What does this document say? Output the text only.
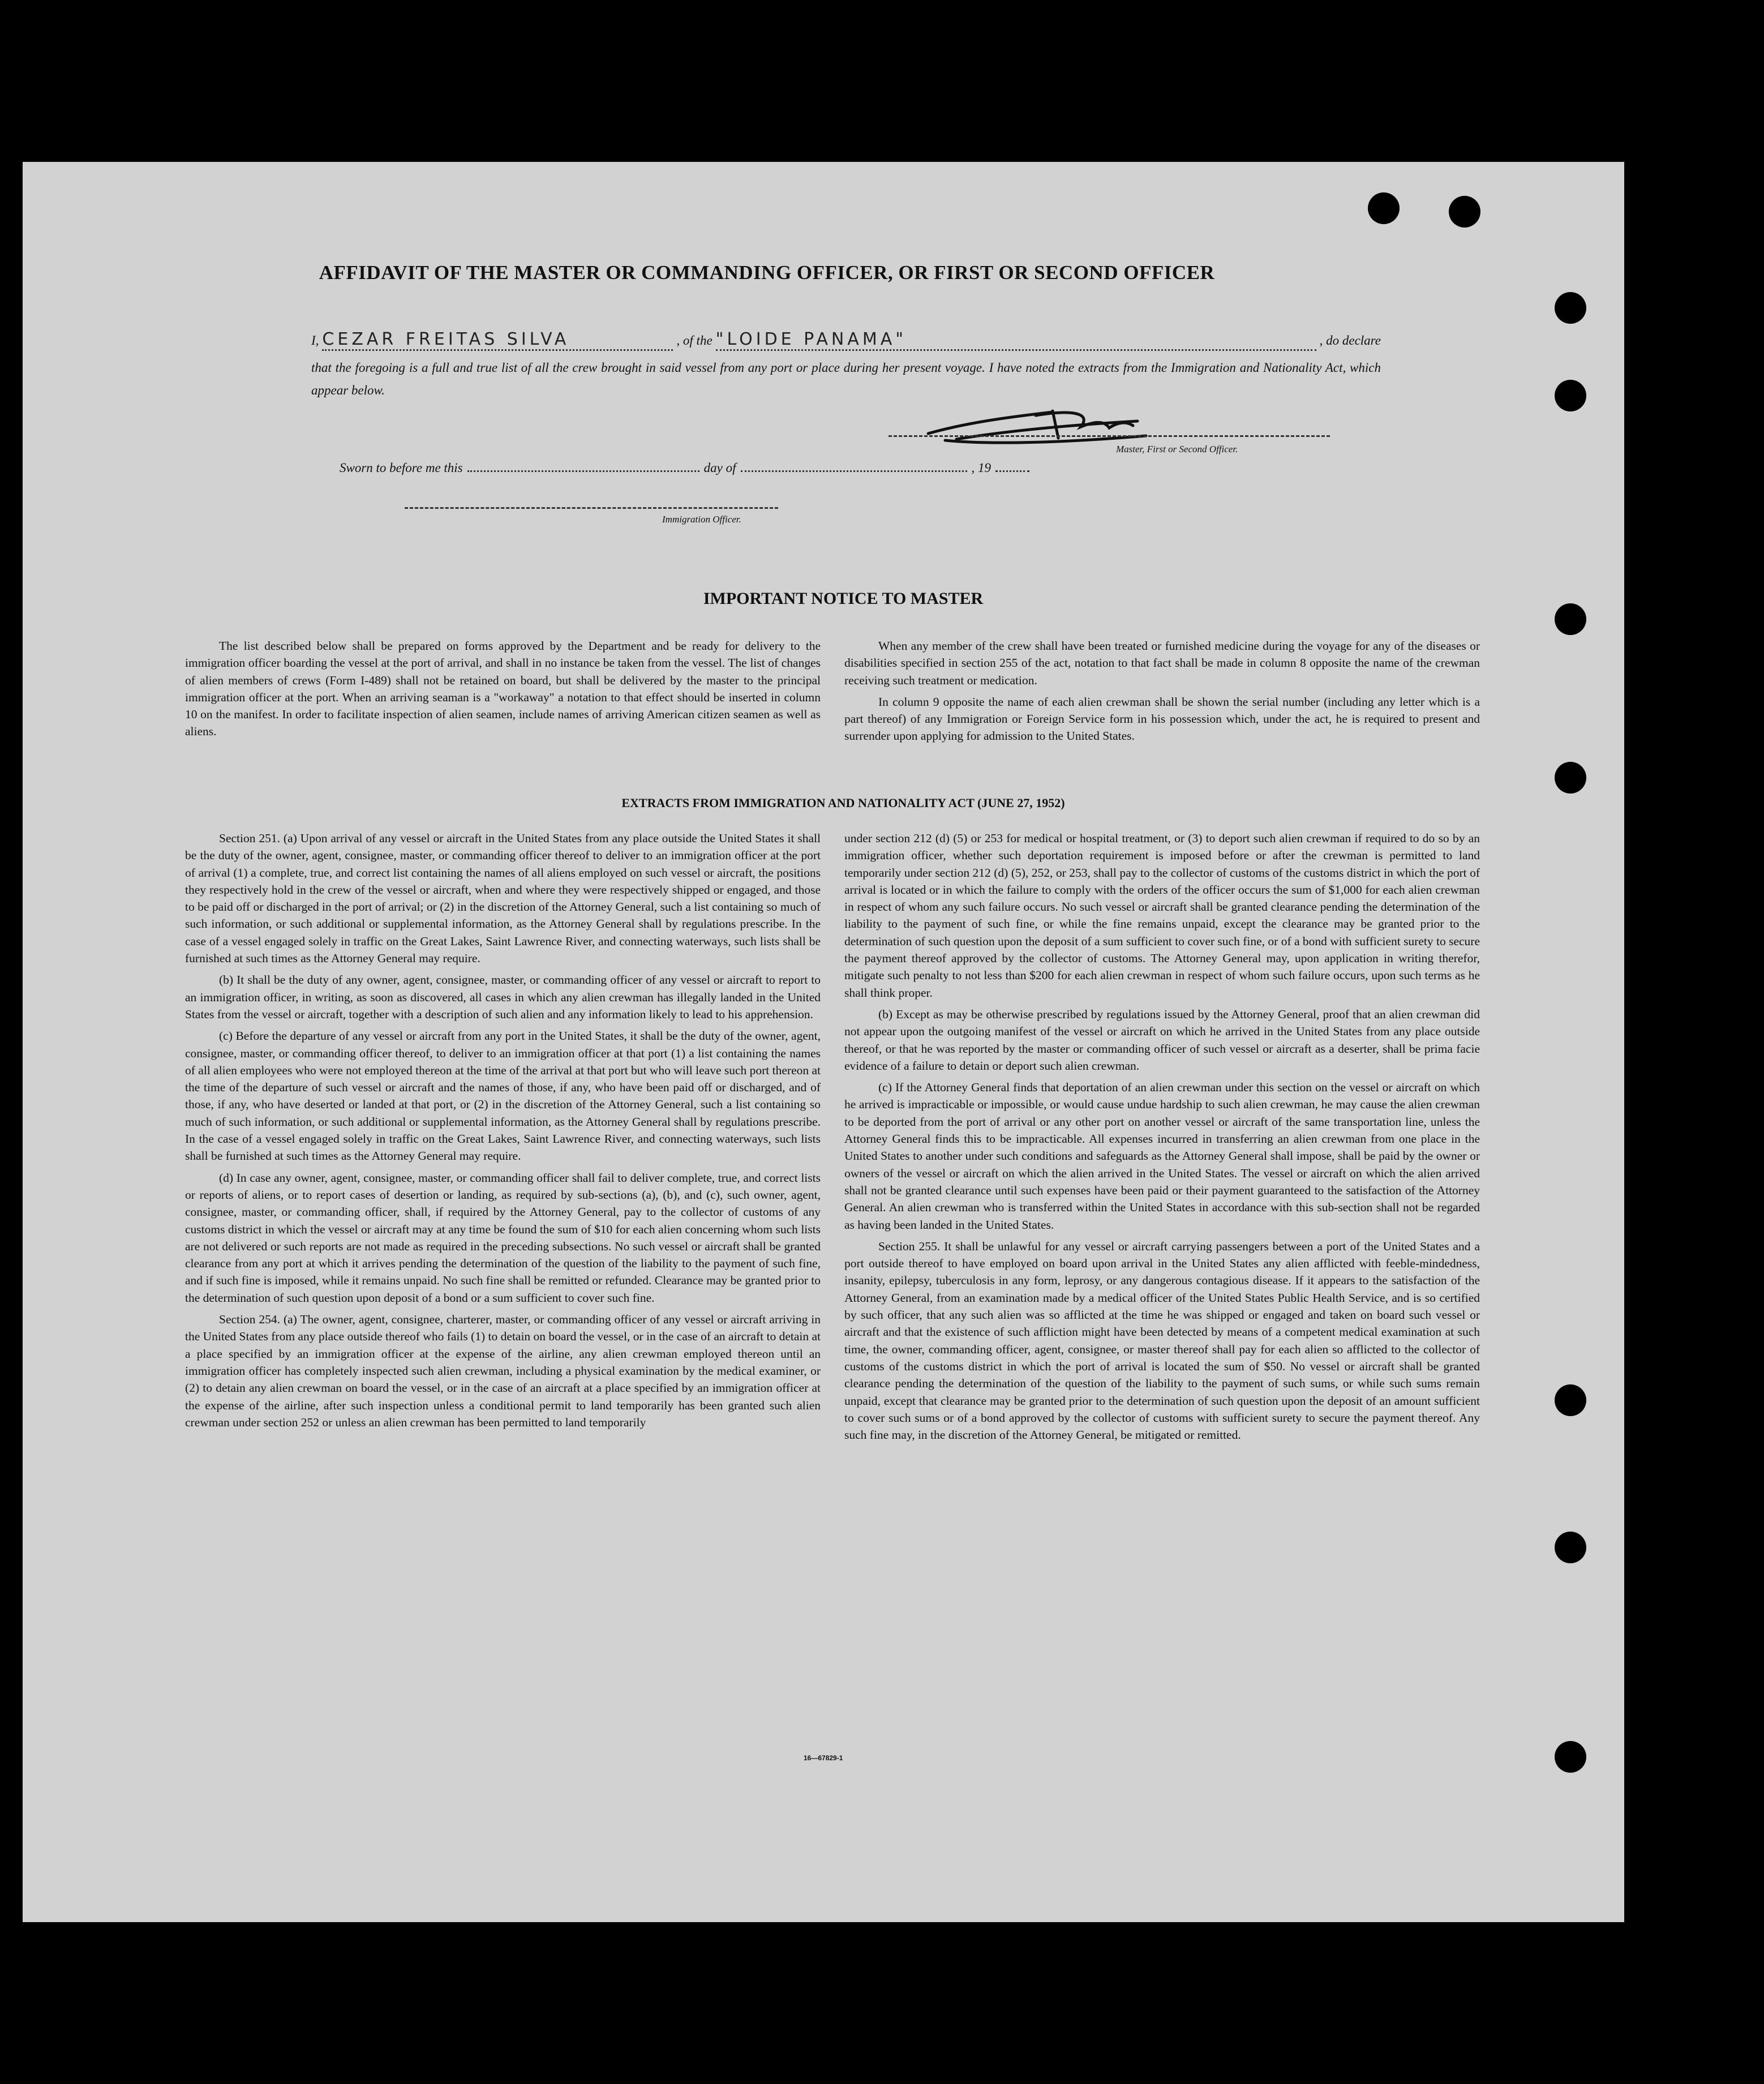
AFFIDAVIT OF THE MASTER OR COMMANDING OFFICER, OR FIRST OR SECOND OFFICER
I, CEZAR FREITAS SILVA	, of the "LOIDE PANAMA"	, do declare

that the foregoing is a full and true list of all the crew brought in said vessel from any port or place during her present voyage. I have noted the extracts from the Immigration and Nationality Act, which appear below.

Master, First or Second Officer.
Sworn to before me this	day of	, 19
Immigration Officer.
IMPORTANT NOTICE TO MASTER

The list described below shall be prepared on forms approved by the Department and be ready for delivery to the immigration officer boarding the vessel at the port of arrival, and shall in no instance be taken from the vessel. The list of changes of alien members of crews (Form I-489) shall not be retained on board, but shall be delivered by the master to the principal immigration officer at the port. When an arriving seaman is a "workaway" a notation to that effect should be inserted in column 10 on the manifest. In order to facilitate inspection of alien seamen, include names of arriving American citizen seamen as well as aliens.

When any member of the crew shall have been treated or furnished medicine during the voyage for any of the diseases or disabilities specified in section 255 of the act, notation to that fact shall be made in column 8 opposite the name of the crewman receiving such treatment or medication.

In column 9 opposite the name of each alien crewman shall be shown the serial number (including any letter which is a part thereof) of any Immigration or Foreign Service form in his possession which, under the act, he is required to present and surrender upon applying for admission to the United States.

EXTRACTS FROM IMMIGRATION AND NATIONALITY ACT (JUNE 27, 1952)

Section 251. (a) Upon arrival of any vessel or aircraft in the United States from any place outside the United States it shall be the duty of the owner, agent, consignee, master, or commanding officer thereof to deliver to an immigration officer at the port of arrival (1) a complete, true, and correct list containing the names of all aliens employed on such vessel or aircraft, the positions they respectively hold in the crew of the vessel or aircraft, when and where they were respectively shipped or engaged, and those to be paid off or discharged in the port of arrival; or (2) in the discretion of the Attorney General, such a list containing so much of such information, or such additional or supplemental information, as the Attorney General shall by regulations prescribe. In the case of a vessel engaged solely in traffic on the Great Lakes, Saint Lawrence River, and connecting waterways, such lists shall be furnished at such times as the Attorney General may require.

(b) It shall be the duty of any owner, agent, consignee, master, or commanding officer of any vessel or aircraft to report to an immigration officer, in writing, as soon as discovered, all cases in which any alien crewman has illegally landed in the United States from the vessel or aircraft, together with a description of such alien and any information likely to lead to his apprehension.

(c) Before the departure of any vessel or aircraft from any port in the United States, it shall be the duty of the owner, agent, consignee, master, or commanding officer thereof, to deliver to an immigration officer at that port (1) a list containing the names of all alien employees who were not employed thereon at the time of the arrival at that port but who will leave such port thereon at the time of the departure of such vessel or aircraft and the names of those, if any, who have been paid off or discharged, and of those, if any, who have deserted or landed at that port, or (2) in the discretion of the Attorney General, such a list containing so much of such information, or such additional or supplemental information, as the Attorney General shall by regulations prescribe. In the case of a vessel engaged solely in traffic on the Great Lakes, Saint Lawrence River, and connecting waterways, such lists shall be furnished at such times as the Attorney General may require.

(d) In case any owner, agent, consignee, master, or commanding officer shall fail to deliver complete, true, and correct lists or reports of aliens, or to report cases of desertion or landing, as required by sub-sections (a), (b), and (c), such owner, agent, consignee, master, or commanding officer, shall, if required by the Attorney General, pay to the collector of customs of any customs district in which the vessel or aircraft may at any time be found the sum of $10 for each alien concerning whom such lists are not delivered or such reports are not made as required in the preceding subsections. No such vessel or aircraft shall be granted clearance from any port at which it arrives pending the determination of the question of the liability to the payment of such fine, and if such fine is imposed, while it remains unpaid. No such fine shall be remitted or refunded. Clearance may be granted prior to the determination of such question upon deposit of a bond or a sum sufficient to cover such fine.

Section 254. (a) The owner, agent, consignee, charterer, master, or commanding officer of any vessel or aircraft arriving in the United States from any place outside thereof who fails (1) to detain on board the vessel, or in the case of an aircraft to detain at a place specified by an immigration officer at the expense of the airline, any alien crewman employed thereon until an immigration officer has completely inspected such alien crewman, including a physical examination by the medical examiner, or (2) to detain any alien crewman on board the vessel, or in the case of an aircraft at a place specified by an immigration officer at the expense of the airline, after such inspection unless a conditional permit to land temporarily has been granted such alien crewman under section 252 or unless an alien crewman has been permitted to land temporarily

under section 212 (d) (5) or 253 for medical or hospital treatment, or (3) to deport such alien crewman if required to do so by an immigration officer, whether such deportation requirement is imposed before or after the crewman is permitted to land temporarily under section 212 (d) (5), 252, or 253, shall pay to the collector of customs of the customs district in which the port of arrival is located or in which the failure to comply with the orders of the officer occurs the sum of $1,000 for each alien crewman in respect of whom any such failure occurs. No such vessel or aircraft shall be granted clearance pending the determination of the liability to the payment of such fine, or while the fine remains unpaid, except the clearance may be granted prior to the determination of such question upon the deposit of a sum sufficient to cover such fine, or of a bond with sufficient surety to secure the payment thereof approved by the collector of customs. The Attorney General may, upon application in writing therefor, mitigate such penalty to not less than $200 for each alien crewman in respect of whom such failure occurs, upon such terms as he shall think proper.

(b) Except as may be otherwise prescribed by regulations issued by the Attorney General, proof that an alien crewman did not appear upon the outgoing manifest of the vessel or aircraft on which he arrived in the United States from any place outside thereof, or that he was reported by the master or commanding officer of such vessel or aircraft as a deserter, shall be prima facie evidence of a failure to detain or deport such alien crewman.

(c) If the Attorney General finds that deportation of an alien crewman under this section on the vessel or aircraft on which he arrived is impracticable or impossible, or would cause undue hardship to such alien crewman, he may cause the alien crewman to be deported from the port of arrival or any other port on another vessel or aircraft of the same transportation line, unless the Attorney General finds this to be impracticable. All expenses incurred in transferring an alien crewman from one place in the United States to another under such conditions and safeguards as the Attorney General shall impose, shall be paid by the owner or owners of the vessel or aircraft on which the alien arrived in the United States. The vessel or aircraft on which the alien arrived shall not be granted clearance until such expenses have been paid or their payment guaranteed to the satisfaction of the Attorney General. An alien crewman who is transferred within the United States in accordance with this sub-section shall not be regarded as having been landed in the United States.

Section 255. It shall be unlawful for any vessel or aircraft carrying passengers between a port of the United States and a port outside thereof to have employed on board upon arrival in the United States any alien afflicted with feeble-mindedness, insanity, epilepsy, tuberculosis in any form, leprosy, or any dangerous contagious disease. If it appears to the satisfaction of the Attorney General, from an examination made by a medical officer of the United States Public Health Service, and is so certified by such officer, that any such alien was so afflicted at the time he was shipped or engaged and taken on board such vessel or aircraft and that the existence of such affliction might have been detected by means of a competent medical examination at such time, the owner, commanding officer, agent, consignee, or master thereof shall pay for each alien so afflicted to the collector of customs of the customs district in which the port of arrival is located the sum of $50. No vessel or aircraft shall be granted clearance pending the determination of the question of the liability to the payment of such sums, or while such sums remain unpaid, except that clearance may be granted prior to the determination of such question upon the deposit of an amount sufficient to cover such sums or of a bond approved by the collector of customs with sufficient surety to secure the payment thereof. Any such fine may, in the discretion of the Attorney General, be mitigated or remitted.

16—67829-1
